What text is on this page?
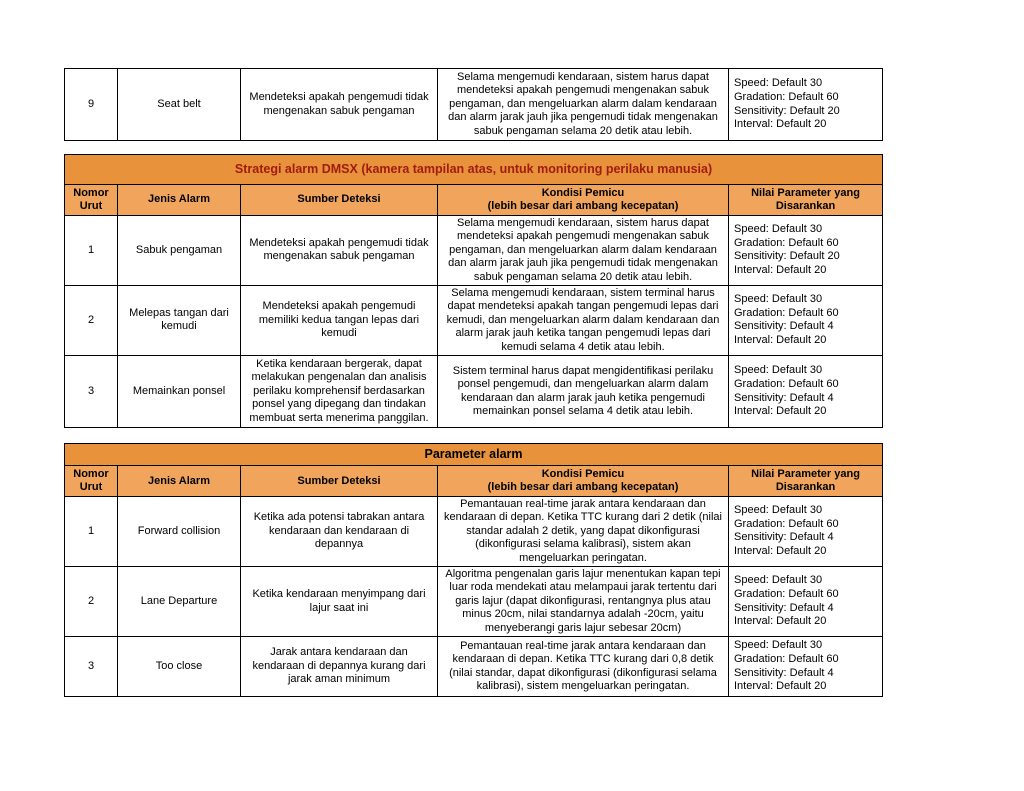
9	Seat belt	Mendeteksi apakah pengemudi tidak mengenakan sabuk pengaman	Selama mengemudi kendaraan, sistem harus dapat mendeteksi apakah pengemudi mengenakan sabuk pengaman, dan mengeluarkan alarm dalam kendaraan dan alarm jarak jauh jika pengemudi tidak mengenakan sabuk pengaman selama 20 detik atau lebih.	
Speed: Default 30
Gradation: Default 60
Sensitivity: Default 20
Interval: Default 20
Strategi alarm DMSX (kamera tampilan atas, untuk monitoring perilaku manusia)				
Nomor Urut	Jenis Alarm	Sumber Deteksi	Kondisi Pemicu
(lebih besar dari ambang kecepatan)	Nilai Parameter yang Disarankan
1	Sabuk pengaman	Mendeteksi apakah pengemudi tidak mengenakan sabuk pengaman	Selama mengemudi kendaraan, sistem harus dapat mendeteksi apakah pengemudi mengenakan sabuk pengaman, dan mengeluarkan alarm dalam kendaraan dan alarm jarak jauh jika pengemudi tidak mengenakan sabuk pengaman selama 20 detik atau lebih.	
Speed: Default 30
Gradation: Default 60
Sensitivity: Default 20
Interval: Default 20

2	Melepas tangan dari kemudi	Mendeteksi apakah pengemudi memiliki kedua tangan lepas dari kemudi	Selama mengemudi kendaraan, sistem terminal harus dapat mendeteksi apakah tangan pengemudi lepas dari kemudi, dan mengeluarkan alarm dalam kendaraan dan alarm jarak jauh ketika tangan pengemudi lepas dari kemudi selama 4 detik atau lebih.	
Speed: Default 30
Gradation: Default 60
Sensitivity: Default 4
Interval: Default 20

3	Memainkan ponsel	Ketika kendaraan bergerak, dapat melakukan pengenalan dan analisis perilaku komprehensif berdasarkan ponsel yang dipegang dan tindakan membuat serta menerima panggilan.	Sistem terminal harus dapat mengidentifikasi perilaku ponsel pengemudi, dan mengeluarkan alarm dalam kendaraan dan alarm jarak jauh ketika pengemudi memainkan ponsel selama 4 detik atau lebih.	Speed: Default 30
Gradation: Default 60
Sensitivity: Default 4
Interval: Default 20
Parameter alarm				
Nomor Urut	Jenis Alarm	Sumber Deteksi	Kondisi Pemicu
(lebih besar dari ambang kecepatan)	Nilai Parameter yang Disarankan
1	Forward collision	Ketika ada potensi tabrakan antara kendaraan dan kendaraan di depannya	Pemantauan real-time jarak antara kendaraan dan kendaraan di depan. Ketika TTC kurang dari 2 detik (nilai standar adalah 2 detik, yang dapat dikonfigurasi (dikonfigurasi selama kalibrasi), sistem akan mengeluarkan peringatan.	
Speed: Default 30
Gradation: Default 60
Sensitivity: Default 4
Interval: Default 20

2	Lane Departure	Ketika kendaraan menyimpang dari lajur saat ini	Algoritma pengenalan garis lajur menentukan kapan tepi luar roda mendekati atau melampaui jarak tertentu dari garis lajur (dapat dikonfigurasi, rentangnya plus atau minus 20cm, nilai standarnya adalah -20cm, yaitu menyeberangi garis lajur sebesar 20cm)	
Speed: Default 30
Gradation: Default 60
Sensitivity: Default 4
Interval: Default 20

3	Too close	Jarak antara kendaraan dan kendaraan di depannya kurang dari jarak aman minimum	Pemantauan real-time jarak antara kendaraan dan kendaraan di depan. Ketika TTC kurang dari 0,8 detik (nilai standar, dapat dikonfigurasi (dikonfigurasi selama kalibrasi), sistem mengeluarkan peringatan.	
Speed: Default 30
Gradation: Default 60
Sensitivity: Default 4
Interval: Default 20
